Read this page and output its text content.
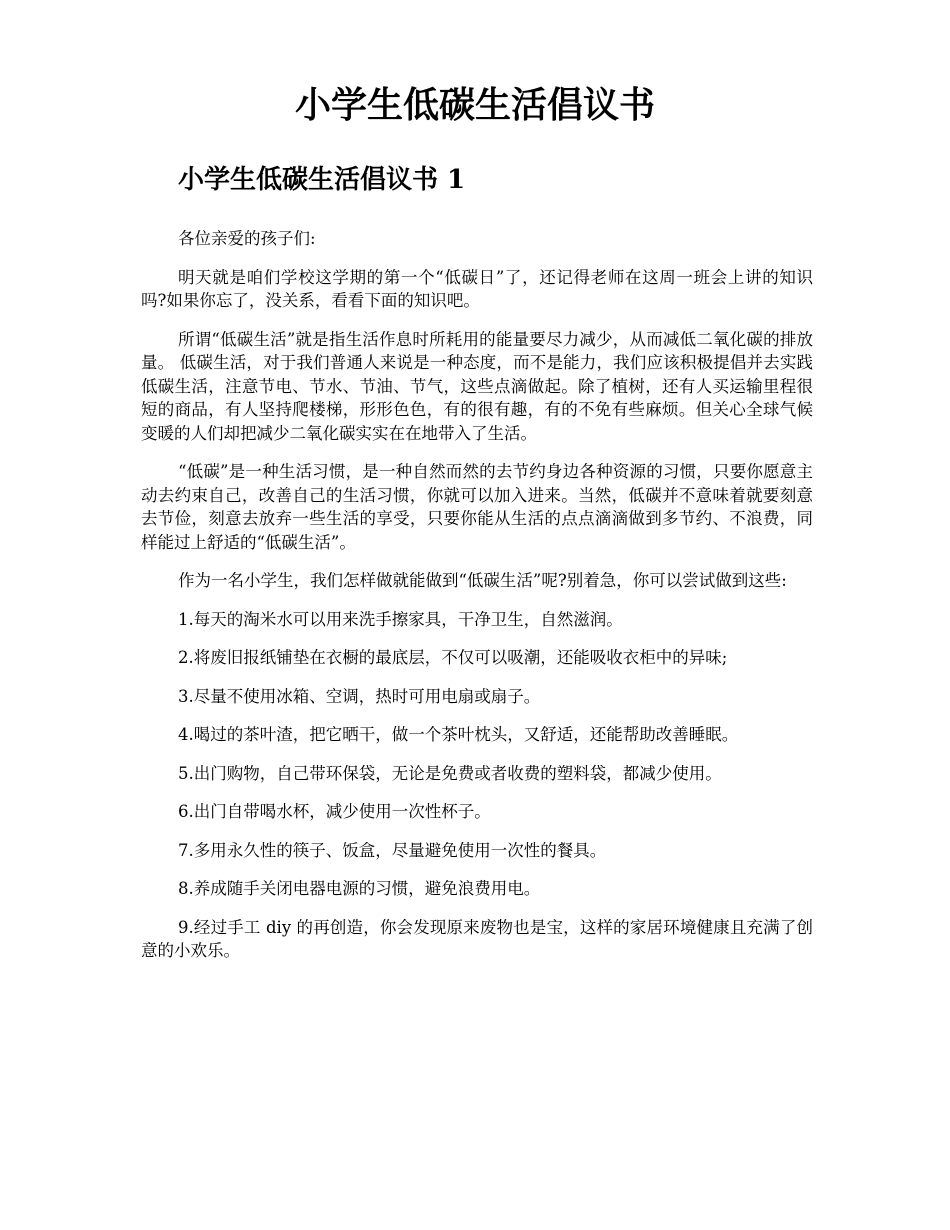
小学生低碳生活倡议书
小学生低碳生活倡议书 1

各位亲爱的孩子们:

明天就是咱们学校这学期的第一个“低碳日”了，还记得老师在这周一班会上讲的知识吗?如果你忘了，没关系，看看下面的知识吧。

所谓“低碳生活”就是指生活作息时所耗用的能量要尽力减少，从而减低二氧化碳的排放量。 低碳生活，对于我们普通人来说是一种态度，而不是能力，我们应该积极提倡并去实践低碳生活，注意节电、节水、节油、节气，这些点滴做起。除了植树，还有人买运输里程很短的商品，有人坚持爬楼梯，形形色色，有的很有趣，有的不免有些麻烦。但关心全球气候变暖的人们却把减少二氧化碳实实在在地带入了生活。

“低碳”是一种生活习惯，是一种自然而然的去节约身边各种资源的习惯，只要你愿意主动去约束自己，改善自己的生活习惯，你就可以加入进来。当然，低碳并不意味着就要刻意去节俭，刻意去放弃一些生活的享受，只要你能从生活的点点滴滴做到多节约、不浪费，同样能过上舒适的“低碳生活”。

作为一名小学生，我们怎样做就能做到“低碳生活”呢?别着急，你可以尝试做到这些:

1.每天的淘米水可以用来洗手擦家具，干净卫生，自然滋润。

2.将废旧报纸铺垫在衣橱的最底层，不仅可以吸潮，还能吸收衣柜中的异味;

3.尽量不使用冰箱、空调，热时可用电扇或扇子。

4.喝过的茶叶渣，把它晒干，做一个茶叶枕头，又舒适，还能帮助改善睡眠。

5.出门购物，自己带环保袋，无论是免费或者收费的塑料袋，都减少使用。

6.出门自带喝水杯，减少使用一次性杯子。

7.多用永久性的筷子、饭盒，尽量避免使用一次性的餐具。

8.养成随手关闭电器电源的习惯，避免浪费用电。

9.经过手工 diy 的再创造，你会发现原来废物也是宝，这样的家居环境健康且充满了创意的小欢乐。
